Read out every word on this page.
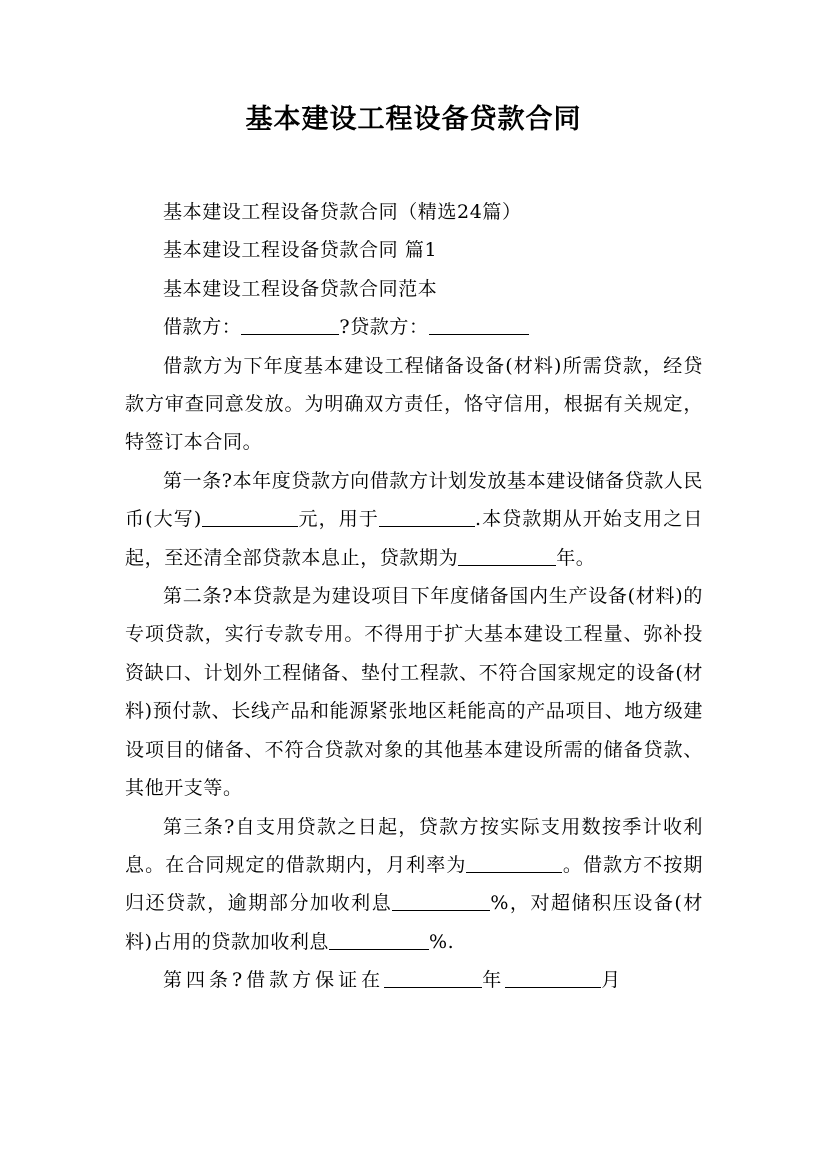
基本建设工程设备贷款合同

基本建设工程设备贷款合同（精选24篇）

基本建设工程设备贷款合同 篇1

基本建设工程设备贷款合同范本

借款方：	?贷款方：

借款方为下年度基本建设工程储备设备(材料)所需贷款，经贷款方审查同意发放。为明确双方责任，恪守信用，根据有关规定，特签订本合同。

第一条?本年度贷款方向借款方计划发放基本建设储备贷款人民币(大写)	元，用于	.本贷款期从开始支用之日起，至还清全部贷款本息止，贷款期为	年。

第二条?本贷款是为建设项目下年度储备国内生产设备(材料)的专项贷款，实行专款专用。不得用于扩大基本建设工程量、弥补投资缺口、计划外工程储备、垫付工程款、不符合国家规定的设备(材料)预付款、长线产品和能源紧张地区耗能高的产品项目、地方级建设项目的储备、不符合贷款对象的其他基本建设所需的储备贷款、其他开支等。

第三条?自支用贷款之日起，贷款方按实际支用数按季计收利息。在合同规定的借款期内，月利率为	。借款方不按期归还贷款，逾期部分加收利息	%，对超储积压设备(材料)占用的贷款加收利息	%.

第四条?借款方保证在	年	月
